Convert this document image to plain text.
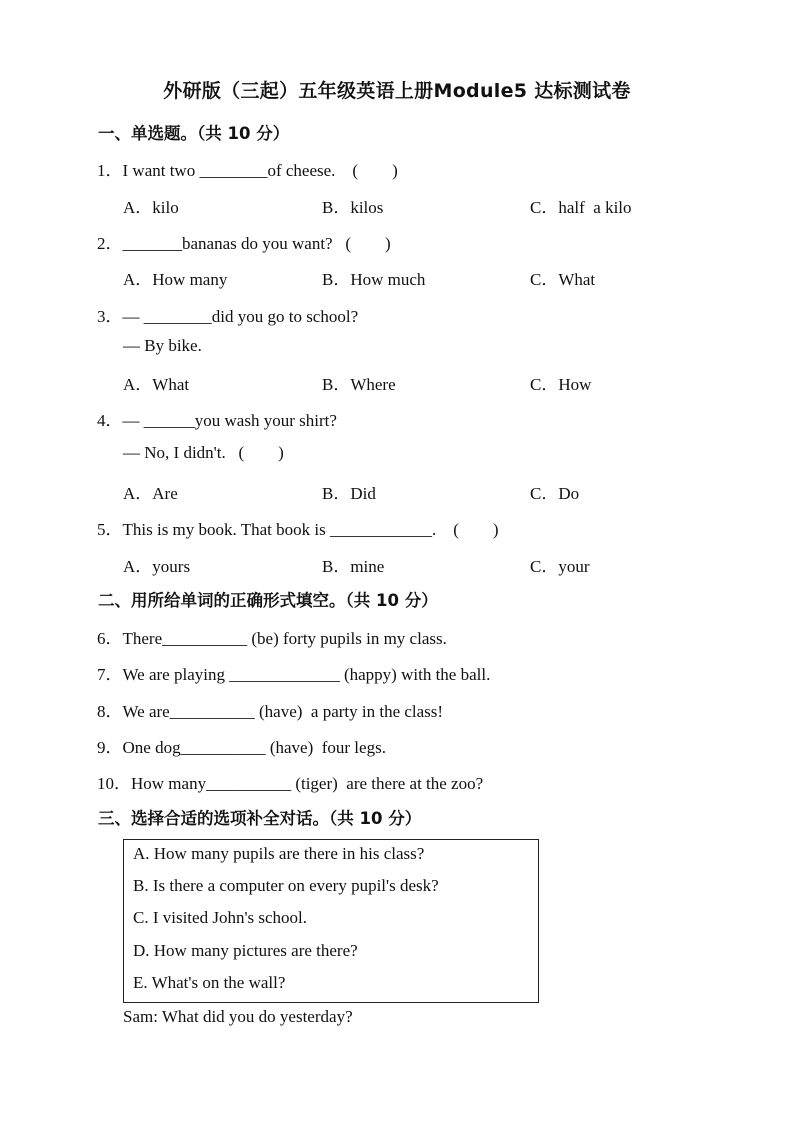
外研版（三起）五年级英语上册Module5 达标测试卷
一、单选题。（共 10 分）
1．I want two ________of cheese.    (        )
A．kilo	B．kilos	C．half  a kilo
2．_______bananas do you want?   (        )
A．How many	B．How much	C．What
3．— ________did you go to school?
— By bike.
A．What	B．Where	C．How
4．— ______you wash your shirt?
— No, I didn't.   (        )
A．Are	B．Did	C．Do
5．This is my book. That book is ____________.    (        )
A．yours	B．mine	C．your
二、用所给单词的正确形式填空。（共 10 分）
6．There__________ (be) forty pupils in my class.
7．We are playing _____________ (happy) with the ball.
8．We are__________ (have)  a party in the class!
9．One dog__________ (have)  four legs.
10．How many__________ (tiger)  are there at the zoo?
三、选择合适的选项补全对话。（共 10 分）
A. How many pupils are there in his class?
B. Is there a computer on every pupil's desk?
C. I visited John's school.
D. How many pictures are there?
E. What's on the wall?
Sam: What did you do yesterday?
